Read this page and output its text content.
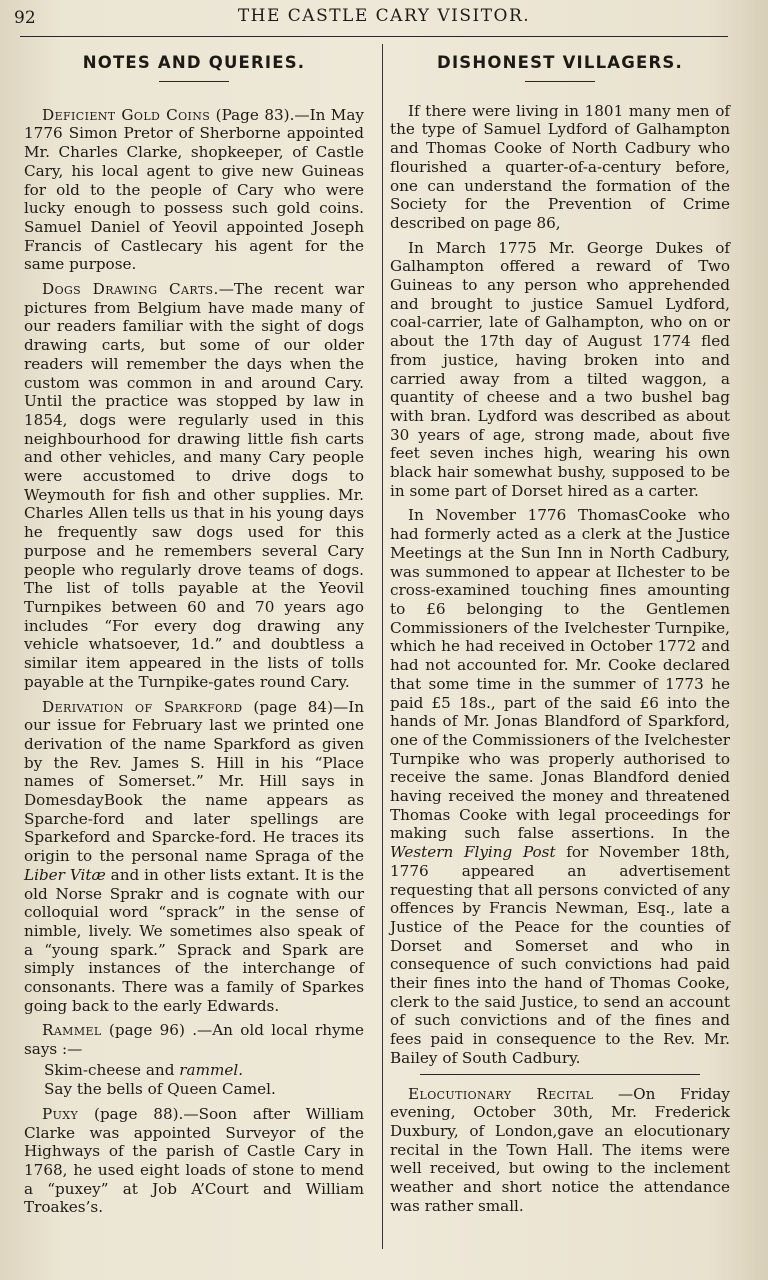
92	THE CASTLE CARY VISITOR.
NOTES AND QUERIES.

Deficient Gold Coins (Page 83).—In May 1776 Simon Pretor of Sherborne appointed Mr. Charles Clarke, shopkeeper, of Castle Cary, his local agent to give new Guineas for old to the people of Cary who were lucky enough to possess such gold coins. Samuel Daniel of Yeovil appointed Joseph Francis of Castlecary his agent for the same purpose.

Dogs Drawing Carts.—The recent war pictures from Belgium have made many of our readers familiar with the sight of dogs drawing carts, but some of our older readers will remember the days when the custom was common in and around Cary. Until the practice was stopped by law in 1854, dogs were regularly used in this neighbourhood for drawing little fish carts and other vehicles, and many Cary people were accustomed to drive dogs to Weymouth for fish and other supplies. Mr. Charles Allen tells us that in his young days he frequently saw dogs used for this purpose and he remembers several Cary people who regularly drove teams of dogs. The list of tolls payable at the Yeovil Turnpikes between 60 and 70 years ago includes “For every dog drawing any vehicle whatsoever, 1d.” and doubtless a similar item appeared in the lists of tolls payable at the Turnpike-gates round Cary.

Derivation of Sparkford (page 84)—In our issue for February last we printed one derivation of the name Sparkford as given by the Rev. James S. Hill in his “Place names of Somerset.” Mr. Hill says in DomesdayBook the name appears as Sparche-ford and later spellings are Sparkeford and Sparcke-ford. He traces its origin to the personal name Spraga of the Liber Vitæ and in other lists extant. It is the old Norse Sprakr and is cognate with our colloquial word “sprack” in the sense of nimble, lively. We sometimes also speak of a “young spark.” Sprack and Spark are simply instances of the interchange of consonants. There was a family of Sparkes going back to the early Edwards.

Rammel (page 96) .—An old local rhyme says :—

Skim-cheese and rammel.

Say the bells of Queen Camel.

Puxy (page 88).—Soon after William Clarke was appointed Surveyor of the Highways of the parish of Castle Cary in 1768, he used eight loads of stone to mend a “puxey” at Job A’Court and William Troakes’s.

DISHONEST VILLAGERS.

If there were living in 1801 many men of the type of Samuel Lydford of Galhampton and Thomas Cooke of North Cadbury who flourished a quarter-of-a-century before, one can understand the formation of the Society for the Prevention of Crime described on page 86,

In March 1775 Mr. George Dukes of Galhampton offered a reward of Two Guineas to any person who apprehended and brought to justice Samuel Lydford, coal-carrier, late of Galhampton, who on or about the 17th day of August 1774 fled from justice, having broken into and carried away from a tilted waggon, a quantity of cheese and a two bushel bag with bran. Lydford was described as about 30 years of age, strong made, about five feet seven inches high, wearing his own black hair somewhat bushy, supposed to be in some part of Dorset hired as a carter.

In November 1776 ThomasCooke who had formerly acted as a clerk at the Justice Meetings at the Sun Inn in North Cadbury, was summoned to appear at Ilchester to be cross-examined touching fines amounting to £6 belonging to the Gentlemen Commissioners of the Ivelchester Turnpike, which he had received in October 1772 and had not accounted for. Mr. Cooke declared that some time in the summer of 1773 he paid £5 18s., part of the said £6 into the hands of Mr. Jonas Blandford of Sparkford, one of the Commissioners of the Ivelchester Turnpike who was properly authorised to receive the same. Jonas Blandford denied having received the money and threatened Thomas Cooke with legal proceedings for making such false assertions. In the Western Flying Post for November 18th, 1776 appeared an advertisement requesting that all persons convicted of any offences by Francis Newman, Esq., late a Justice of the Peace for the counties of Dorset and Somerset and who in consequence of such convictions had paid their fines into the hand of Thomas Cooke, clerk to the said Justice, to send an account of such convictions and of the fines and fees paid in consequence to the Rev. Mr. Bailey of South Cadbury.

Elocutionary Recital —On Friday evening, October 30th, Mr. Frederick Duxbury, of London,gave an elocutionary recital in the Town Hall. The items were well received, but owing to the inclement weather and short notice the attendance was rather small.
